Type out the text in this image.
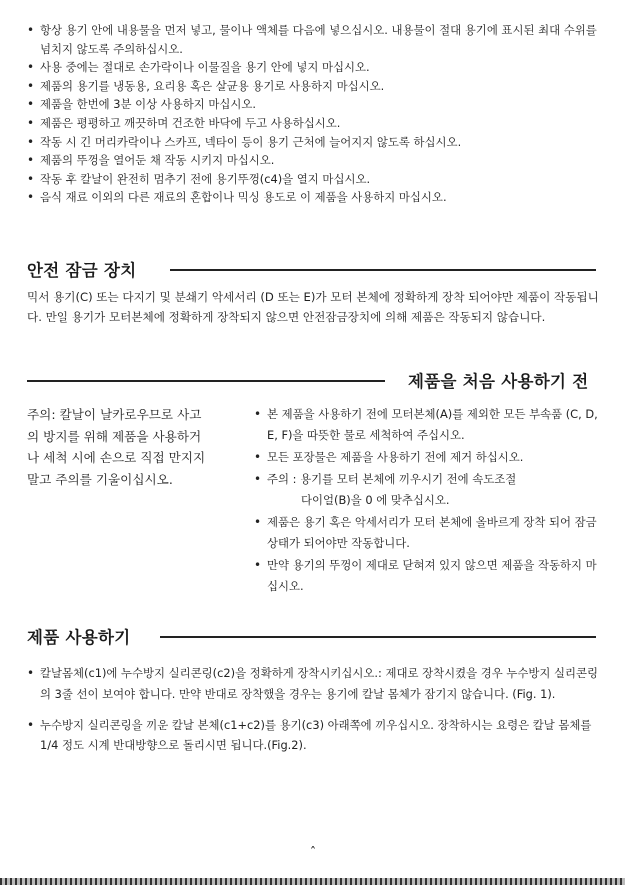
• 항상 용기 안에 내용물을 먼저 넣고, 물이나 액체를 다음에 넣으십시오. 내용물이 절대 용기에 표시된 최대 수위를 넘치지 않도록 주의하십시오.
• 사용 중에는 절대로 손가락이나 이물질을 용기 안에 넣지 마십시오.
• 제품의 용기를 냉동용, 요리용 혹은 살균용 용기로 사용하지 마십시오.
• 제품을 한번에 3분 이상 사용하지 마십시오.
• 제품은 평평하고 깨끗하며 건조한 바닥에 두고 사용하십시오.
• 작동 시 긴 머리카락이나 스카프, 넥타이 등이 용기 근처에 늘어지지 않도록 하십시오.
• 제품의 뚜껑을 열어둔 채 작동 시키지 마십시오.
• 작동 후 칼날이 완전히 멈추기 전에 용기뚜껑(c4)을 열지 마십시오.
• 음식 재료 이외의 다른 재료의 혼합이나 믹싱 용도로 이 제품을 사용하지 마십시오.
안전 잠금 장치
믹서 용기(C) 또는 다지기 및 분쇄기 악세서리 (D 또는 E)가 모터 본체에 정확하게 장착 되어야만 제품이 작동됩니다. 만일 용기가 모터본체에 정확하게 장착되지 않으면 안전잠금장치에 의해 제품은 작동되지 않습니다.
제품을 처음 사용하기 전
주의: 칼날이 날카로우므로 사고의 방지를 위해 제품을 사용하거나 세척 시에 손으로 직접 만지지 말고 주의를 기울이십시오.
• 본 제품을 사용하기 전에 모터본체(A)를 제외한 모든 부속품 (C, D, E, F)을 따뜻한 물로 세척하여 주십시오.
• 모든 포장물은 제품을 사용하기 전에 제거 하십시오.
• 주의 : 용기를 모터 본체에 끼우시기 전에 속도조절
다이얼(B)을 0 에 맞추십시오.
• 제품은 용기 혹은 악세서리가 모터 본체에 올바르게 장착 되어 잠금상태가 되어야만 작동합니다.
• 만약 용기의 뚜껑이 제대로 닫혀져 있지 않으면 제품을 작동하지 마십시오.
제품 사용하기
• 칼날몸체(c1)에 누수방지 실리콘링(c2)을 정확하게 장착시키십시오.: 제대로 장착시켰을 경우 누수방지 실리콘링의 3줄 선이 보여야 합니다. 만약 반대로 장착했을 경우는 용기에 칼날 몸체가 잠기지 않습니다. (Fig. 1).
• 누수방지 실리콘링을 끼운 칼날 본체(c1+c2)를 용기(c3) 아래쪽에 끼우십시오. 장착하시는 요령은 칼날 몸체를 1/4 정도 시계 반대방향으로 돌리시면 됩니다.(Fig.2).
ˆ
